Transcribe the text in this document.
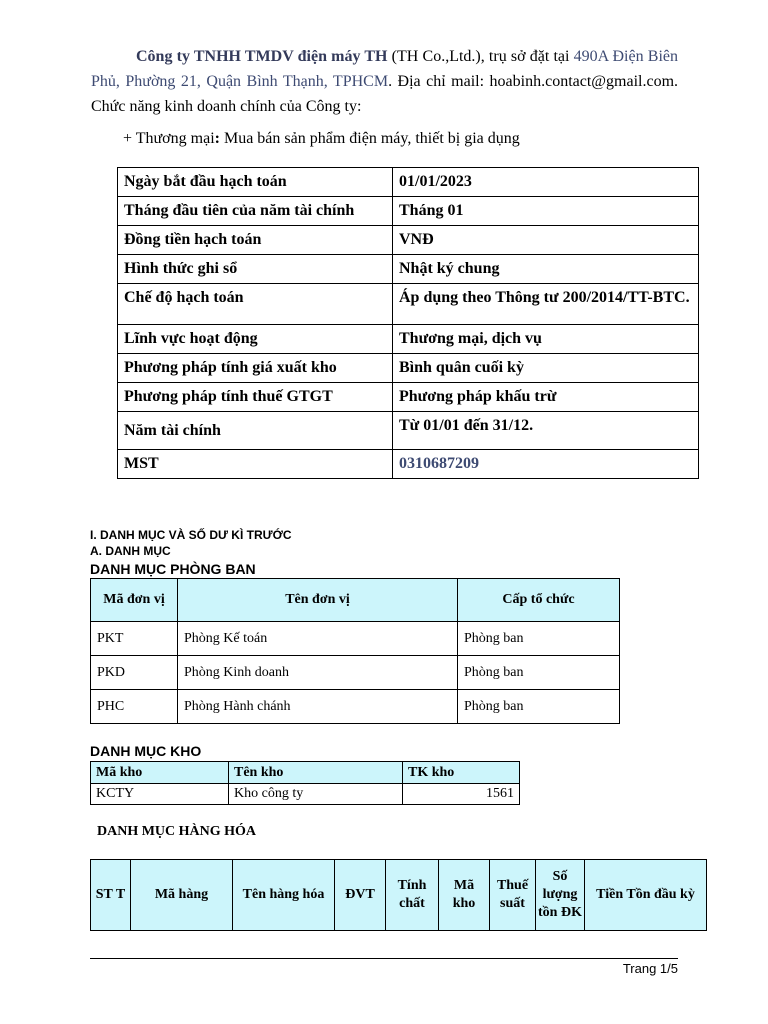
Công ty TNHH TMDV điện máy TH (TH Co.,Ltd.), trụ sở đặt tại 490A Điện Biên Phủ, Phường 21, Quận Bình Thạnh, TPHCM. Địa chỉ mail: hoabinh.contact@gmail.com. Chức năng kinh doanh chính của Công ty:
+ Thương mại: Mua bán sản phẩm điện máy, thiết bị gia dụng
Ngày bắt đầu hạch toán	01/01/2023
Tháng đầu tiên của năm tài chính	Tháng 01
Đồng tiền hạch toán	VNĐ
Hình thức ghi sổ	Nhật ký chung
Chế độ hạch toán	Áp dụng theo Thông tư 200/2014/TT-BTC.
Lĩnh vực hoạt động	Thương mại, dịch vụ
Phương pháp tính giá xuất kho	Bình quân cuối kỳ
Phương pháp tính thuế GTGT	Phương pháp khấu trừ
Năm tài chính	Từ 01/01 đến 31/12.
MST	0310687209
I. DANH MỤC VÀ SỐ DƯ KÌ TRƯỚC
A. DANH MỤC
DANH MỤC PHÒNG BAN
Mã đơn vị	Tên đơn vị	Cấp tổ chức
PKT	Phòng Kế toán	Phòng ban
PKD	Phòng Kinh doanh	Phòng ban
PHC	Phòng Hành chánh	Phòng ban
DANH MỤC KHO
Mã kho	Tên kho	TK kho
KCTY	Kho công ty	1561
DANH MỤC HÀNG HÓA
ST T	Mã hàng	Tên hàng hóa	ĐVT	Tính chất	Mã kho	Thuế suất	Số lượng tồn ĐK	Tiền Tồn đầu kỳ
Trang 1/5
